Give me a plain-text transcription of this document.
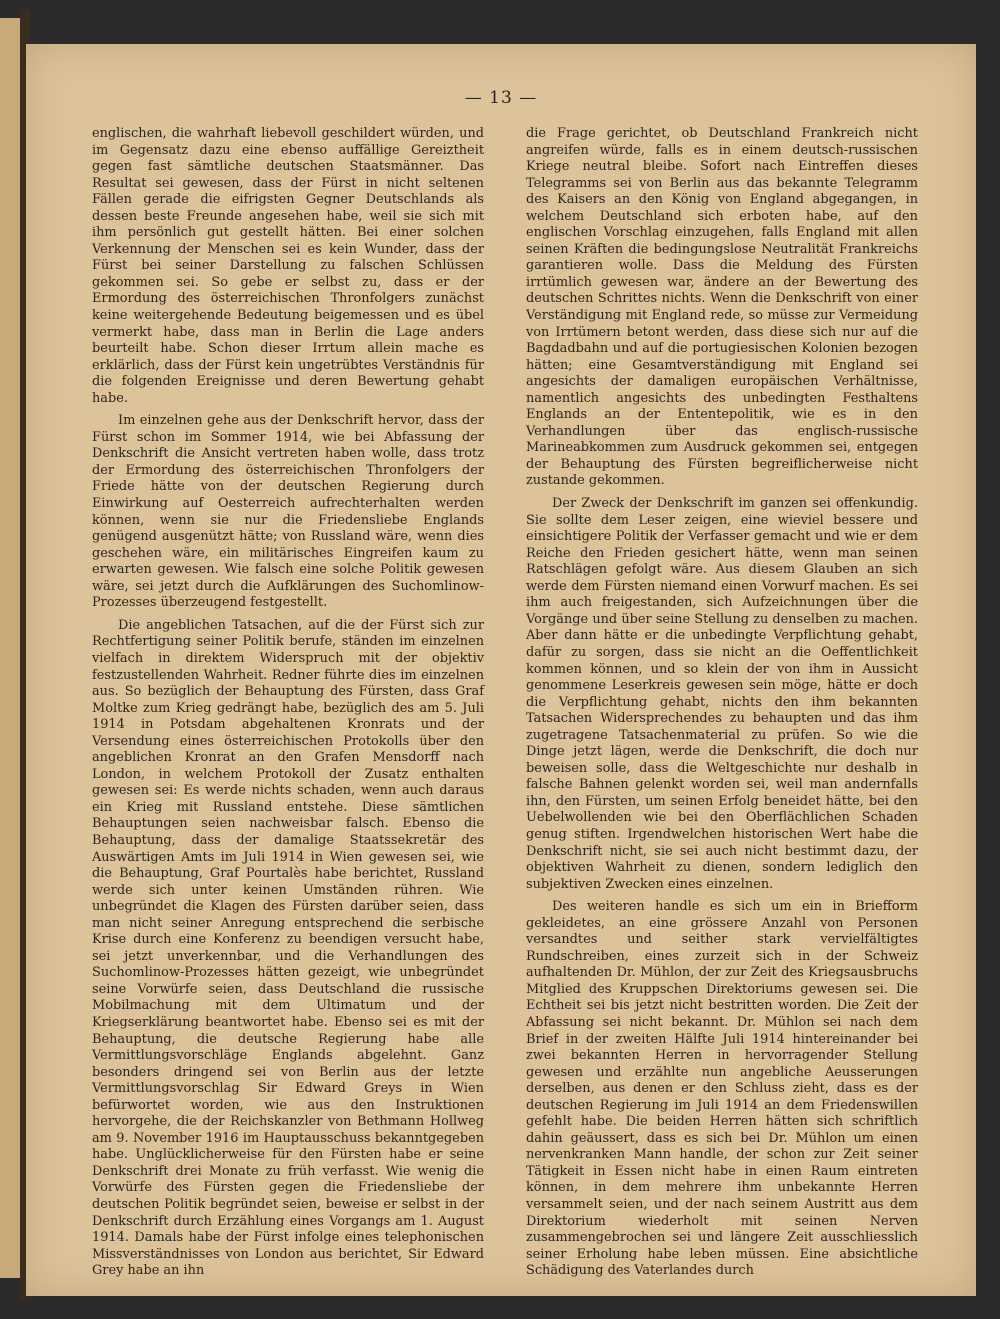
— 13 —

englischen, die wahrhaft liebevoll geschildert würden, und im Gegensatz dazu eine ebenso auffällige Gereiztheit gegen fast sämtliche deutschen Staatsmänner. Das Resultat sei gewesen, dass der Fürst in nicht seltenen Fällen gerade die eifrigsten Gegner Deutschlands als dessen beste Freunde angesehen habe, weil sie sich mit ihm persönlich gut gestellt hätten. Bei einer solchen Verkennung der Menschen sei es kein Wunder, dass der Fürst bei seiner Darstellung zu falschen Schlüssen gekommen sei. So gebe er selbst zu, dass er der Ermordung des österreichischen Thronfolgers zunächst keine weitergehende Bedeutung beigemessen und es übel vermerkt habe, dass man in Berlin die Lage anders beurteilt habe. Schon dieser Irrtum allein mache es erklärlich, dass der Fürst kein ungetrübtes Verständnis für die folgenden Ereignisse und deren Bewertung gehabt habe.

Im einzelnen gehe aus der Denkschrift hervor, dass der Fürst schon im Sommer 1914, wie bei Abfassung der Denkschrift die Ansicht vertreten haben wolle, dass trotz der Ermordung des österreichischen Thronfolgers der Friede hätte von der deutschen Regierung durch Einwirkung auf Oesterreich aufrechterhalten werden können, wenn sie nur die Friedensliebe Englands genügend ausgenützt hätte; von Russland wäre, wenn dies geschehen wäre, ein militärisches Eingreifen kaum zu erwarten gewesen. Wie falsch eine solche Politik gewesen wäre, sei jetzt durch die Aufklärungen des Suchomlinow-Prozesses überzeugend festgestellt.

Die angeblichen Tatsachen, auf die der Fürst sich zur Rechtfertigung seiner Politik berufe, ständen im einzelnen vielfach in direktem Widerspruch mit der objektiv festzustellenden Wahrheit. Redner führte dies im einzelnen aus. So bezüglich der Behauptung des Fürsten, dass Graf Moltke zum Krieg gedrängt habe, bezüglich des am 5. Juli 1914 in Potsdam abgehaltenen Kronrats und der Versendung eines österreichischen Protokolls über den angeblichen Kronrat an den Grafen Mensdorff nach London, in welchem Protokoll der Zusatz enthalten gewesen sei: Es werde nichts schaden, wenn auch daraus ein Krieg mit Russland entstehe. Diese sämtlichen Behauptungen seien nachweisbar falsch. Ebenso die Behauptung, dass der damalige Staatssekretär des Auswärtigen Amts im Juli 1914 in Wien gewesen sei, wie die Behauptung, Graf Pourtalès habe berichtet, Russland werde sich unter keinen Umständen rühren. Wie unbegründet die Klagen des Fürsten darüber seien, dass man nicht seiner Anregung entsprechend die serbische Krise durch eine Konferenz zu beendigen versucht habe, sei jetzt unverkennbar, und die Verhandlungen des Suchomlinow-Prozesses hätten gezeigt, wie unbegründet seine Vorwürfe seien, dass Deutschland die russische Mobilmachung mit dem Ultimatum und der Kriegserklärung beantwortet habe. Ebenso sei es mit der Behauptung, die deutsche Regierung habe alle Vermittlungsvorschläge Englands abgelehnt. Ganz besonders dringend sei von Berlin aus der letzte Vermittlungsvorschlag Sir Edward Greys in Wien befürwortet worden, wie aus den Instruktionen hervorgehe, die der Reichskanzler von Bethmann Hollweg am 9. November 1916 im Hauptausschuss bekanntgegeben habe. Unglücklicherweise für den Fürsten habe er seine Denkschrift drei Monate zu früh verfasst. Wie wenig die Vorwürfe des Fürsten gegen die Friedensliebe der deutschen Politik begründet seien, beweise er selbst in der Denkschrift durch Erzählung eines Vorgangs am 1. August 1914. Damals habe der Fürst infolge eines telephonischen Missverständnisses von London aus berichtet, Sir Edward Grey habe an ihn

die Frage gerichtet, ob Deutschland Frankreich nicht angreifen würde, falls es in einem deutsch-russischen Kriege neutral bleibe. Sofort nach Eintreffen dieses Telegramms sei von Berlin aus das bekannte Telegramm des Kaisers an den König von England abgegangen, in welchem Deutschland sich erboten habe, auf den englischen Vorschlag einzugehen, falls England mit allen seinen Kräften die bedingungslose Neutralität Frankreichs garantieren wolle. Dass die Meldung des Fürsten irrtümlich gewesen war, ändere an der Bewertung des deutschen Schrittes nichts. Wenn die Denkschrift von einer Verständigung mit England rede, so müsse zur Vermeidung von Irrtümern betont werden, dass diese sich nur auf die Bagdadbahn und auf die portugiesischen Kolonien bezogen hätten; eine Gesamtverständigung mit England sei angesichts der damaligen europäischen Verhältnisse, namentlich angesichts des unbedingten Festhaltens Englands an der Ententepolitik, wie es in den Verhandlungen über das englisch-russische Marineabkommen zum Ausdruck gekommen sei, entgegen der Behauptung des Fürsten begreiflicherweise nicht zustande gekommen.

Der Zweck der Denkschrift im ganzen sei offenkundig. Sie sollte dem Leser zeigen, eine wieviel bessere und einsichtigere Politik der Verfasser gemacht und wie er dem Reiche den Frieden gesichert hätte, wenn man seinen Ratschlägen gefolgt wäre. Aus diesem Glauben an sich werde dem Fürsten niemand einen Vorwurf machen. Es sei ihm auch freigestanden, sich Aufzeichnungen über die Vorgänge und über seine Stellung zu denselben zu machen. Aber dann hätte er die unbedingte Verpflichtung gehabt, dafür zu sorgen, dass sie nicht an die Oeffentlichkeit kommen können, und so klein der von ihm in Aussicht genommene Leserkreis gewesen sein möge, hätte er doch die Verpflichtung gehabt, nichts den ihm bekannten Tatsachen Widersprechendes zu behaupten und das ihm zugetragene Tatsachenmaterial zu prüfen. So wie die Dinge jetzt lägen, werde die Denkschrift, die doch nur beweisen solle, dass die Weltgeschichte nur deshalb in falsche Bahnen gelenkt worden sei, weil man andernfalls ihn, den Fürsten, um seinen Erfolg beneidet hätte, bei den Uebelwollenden wie bei den Oberflächlichen Schaden genug stiften. Irgendwelchen historischen Wert habe die Denkschrift nicht, sie sei auch nicht bestimmt dazu, der objektiven Wahrheit zu dienen, sondern lediglich den subjektiven Zwecken eines einzelnen.

Des weiteren handle es sich um ein in Briefform gekleidetes, an eine grössere Anzahl von Personen versandtes und seither stark vervielfältigtes Rundschreiben, eines zurzeit sich in der Schweiz aufhaltenden Dr. Mühlon, der zur Zeit des Kriegsausbruchs Mitglied des Kruppschen Direktoriums gewesen sei. Die Echtheit sei bis jetzt nicht bestritten worden. Die Zeit der Abfassung sei nicht bekannt. Dr. Mühlon sei nach dem Brief in der zweiten Hälfte Juli 1914 hintereinander bei zwei bekannten Herren in hervorragender Stellung gewesen und erzählte nun angebliche Aeusserungen derselben, aus denen er den Schluss zieht, dass es der deutschen Regierung im Juli 1914 an dem Friedenswillen gefehlt habe. Die beiden Herren hätten sich schriftlich dahin geäussert, dass es sich bei Dr. Mühlon um einen nervenkranken Mann handle, der schon zur Zeit seiner Tätigkeit in Essen nicht habe in einen Raum eintreten können, in dem mehrere ihm unbekannte Herren versammelt seien, und der nach seinem Austritt aus dem Direktorium wiederholt mit seinen Nerven zusammengebrochen sei und längere Zeit ausschliesslich seiner Erholung habe leben müssen. Eine absichtliche Schädigung des Vaterlandes durch
